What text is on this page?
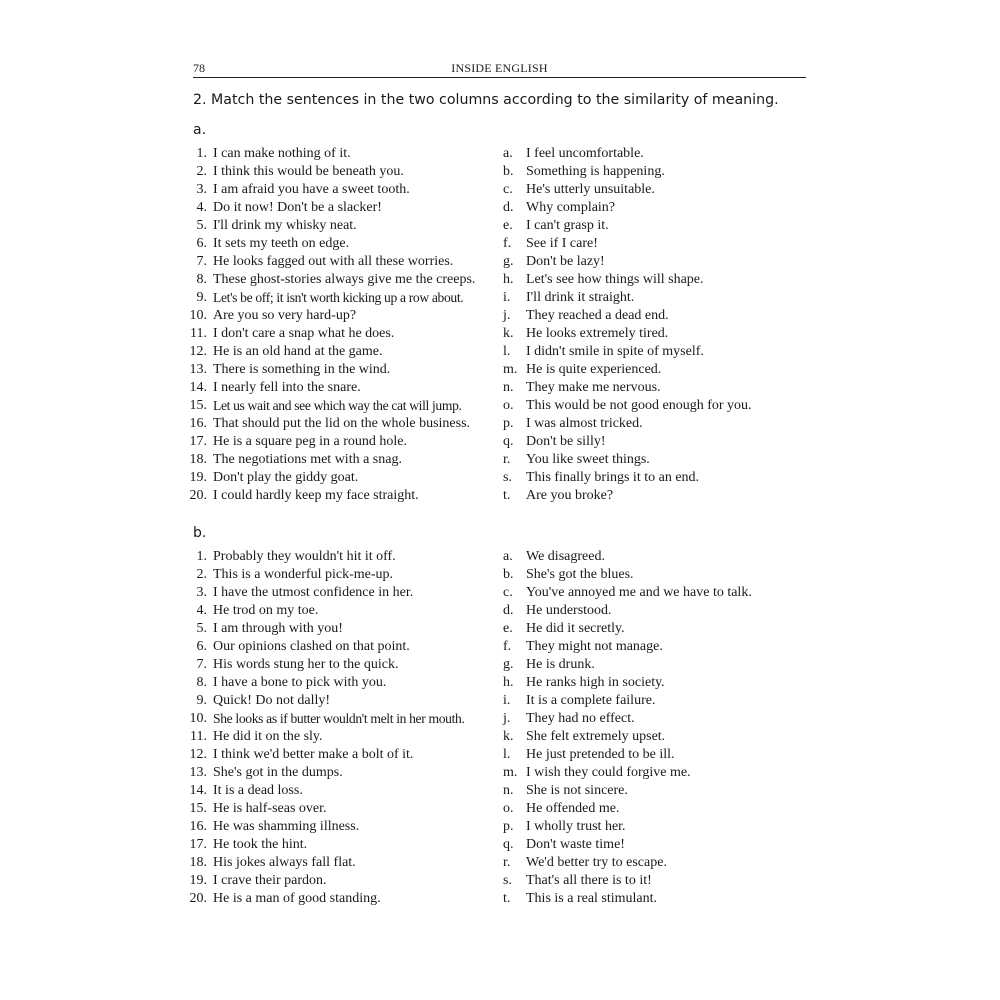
78	INSIDE ENGLISH
2. Match the sentences in the two columns according to the similarity of meaning.
a.
1. I can make nothing of it.
2. I think this would be beneath you.
3. I am afraid you have a sweet tooth.
4. Do it now! Don't be a slacker!
5. I'll drink my whisky neat.
6. It sets my teeth on edge.
7. He looks fagged out with all these worries.
8. These ghost-stories always give me the creeps.
9. Let's be off; it isn't worth kicking up a row about.
10. Are you so very hard-up?
11. I don't care a snap what he does.
12. He is an old hand at the game.
13. There is something in the wind.
14. I nearly fell into the snare.
15. Let us wait and see which way the cat will jump.
16. That should put the lid on the whole business.
17. He is a square peg in a round hole.
18. The negotiations met with a snag.
19. Don't play the giddy goat.
20. I could hardly keep my face straight.
a. I feel uncomfortable.
b. Something is happening.
c. He's utterly unsuitable.
d. Why complain?
e. I can't grasp it.
f. See if I care!
g. Don't be lazy!
h. Let's see how things will shape.
i. I'll drink it straight.
j. They reached a dead end.
k. He looks extremely tired.
l. I didn't smile in spite of myself.
m. He is quite experienced.
n. They make me nervous.
o. This would be not good enough for you.
p. I was almost tricked.
q. Don't be silly!
r. You like sweet things.
s. This finally brings it to an end.
t. Are you broke?
b.
1. Probably they wouldn't hit it off.
2. This is a wonderful pick-me-up.
3. I have the utmost confidence in her.
4. He trod on my toe.
5. I am through with you!
6. Our opinions clashed on that point.
7. His words stung her to the quick.
8. I have a bone to pick with you.
9. Quick! Do not dally!
10. She looks as if butter wouldn't melt in her mouth.
11. He did it on the sly.
12. I think we'd better make a bolt of it.
13. She's got in the dumps.
14. It is a dead loss.
15. He is half-seas over.
16. He was shamming illness.
17. He took the hint.
18. His jokes always fall flat.
19. I crave their pardon.
20. He is a man of good standing.
a. We disagreed.
b. She's got the blues.
c. You've annoyed me and we have to talk.
d. He understood.
e. He did it secretly.
f. They might not manage.
g. He is drunk.
h. He ranks high in society.
i. It is a complete failure.
j. They had no effect.
k. She felt extremely upset.
l. He just pretended to be ill.
m. I wish they could forgive me.
n. She is not sincere.
o. He offended me.
p. I wholly trust her.
q. Don't waste time!
r. We'd better try to escape.
s. That's all there is to it!
t. This is a real stimulant.
